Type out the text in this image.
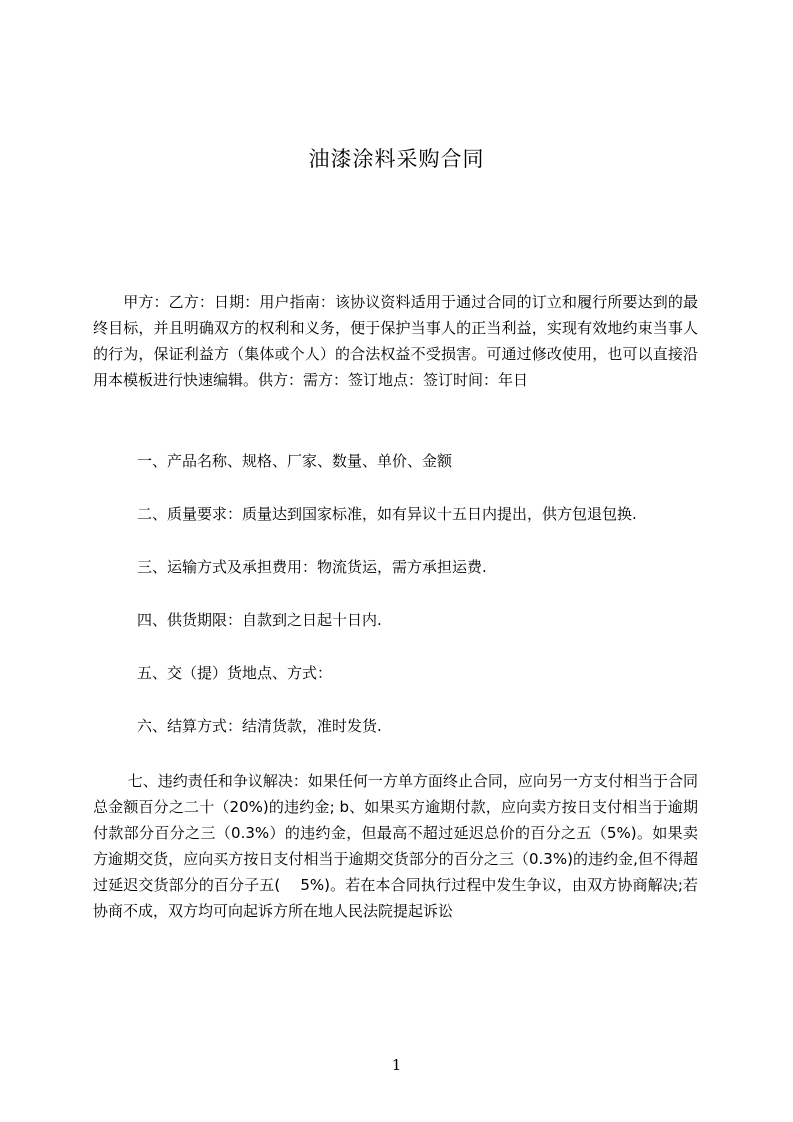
油漆涂料采购合同
　　甲方：乙方：日期：用户指南：该协议资料适用于通过合同的订立和履行所要达到的最终目标，并且明确双方的权利和义务，便于保护当事人的正当利益，实现有效地约束当事人的行为，保证利益方（集体或个人）的合法权益不受损害。可通过修改使用，也可以直接沿用本模板进行快速编辑。供方：需方：签订地点：签订时间：年日
一、产品名称、规格、厂家、数量、单价、金额
二、质量要求：质量达到国家标准，如有异议十五日内提出，供方包退包换.
三、运输方式及承担费用：物流货运，需方承担运费.
四、供货期限：自款到之日起十日内.
五、交（提）货地点、方式：
六、结算方式：结清货款，准时发货.
　　 七、违约责任和争议解决：如果任何一方单方面终止合同，应向另一方支付相当于合同总金额百分之二十（20%)的违约金; b、如果买方逾期付款，应向卖方按日支付相当于逾期付款部分百分之三（0.3%）的违约金，但最高不超过延迟总价的百分之五（5%)。如果卖方逾期交货，应向买方按日支付相当于逾期交货部分的百分之三（0.3%)的违约金,但不得超过延迟交货部分的百分子五(　 5%)。若在本合同执行过程中发生争议，由双方协商解决;若协商不成，双方均可向起诉方所在地人民法院提起诉讼
1
